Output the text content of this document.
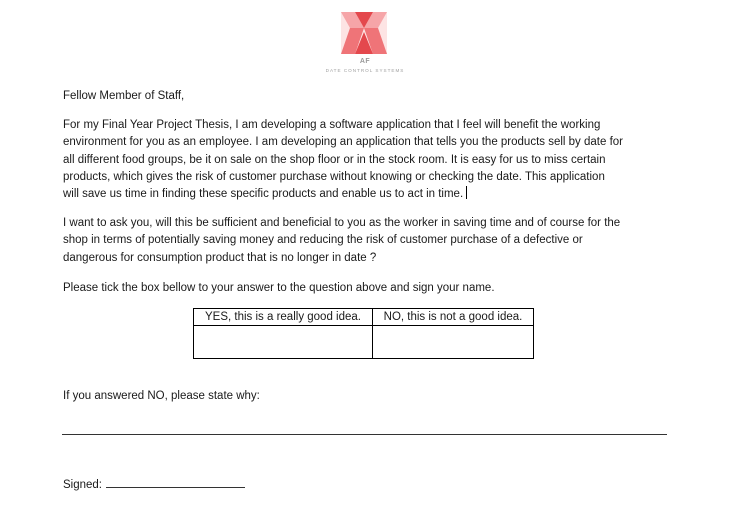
AF
DATE CONTROL SYSTEMS
Fellow Member of Staff,
For my Final Year Project Thesis, I am developing a software application that I feel will benefit the working
environment for you as an employee. I am developing an application that tells you the products sell by date for
all different food groups, be it on sale on the shop floor or in the stock room. It is easy for us to miss certain
products, which gives the risk of customer purchase without knowing or checking the date. This application
will save us time in finding these specific products and enable us to act in time.
I want to ask you, will this be sufficient and beneficial to you as the worker in saving time and of course for the
shop in terms of potentially saving money and reducing the risk of customer purchase of a defective or
dangerous for consumption product that is no longer in date ?
Please tick the box bellow to your answer to the question above and sign your name.
YES, this is a really good idea.	NO, this is not a good idea.

If you answered NO, please state why:
Signed:
